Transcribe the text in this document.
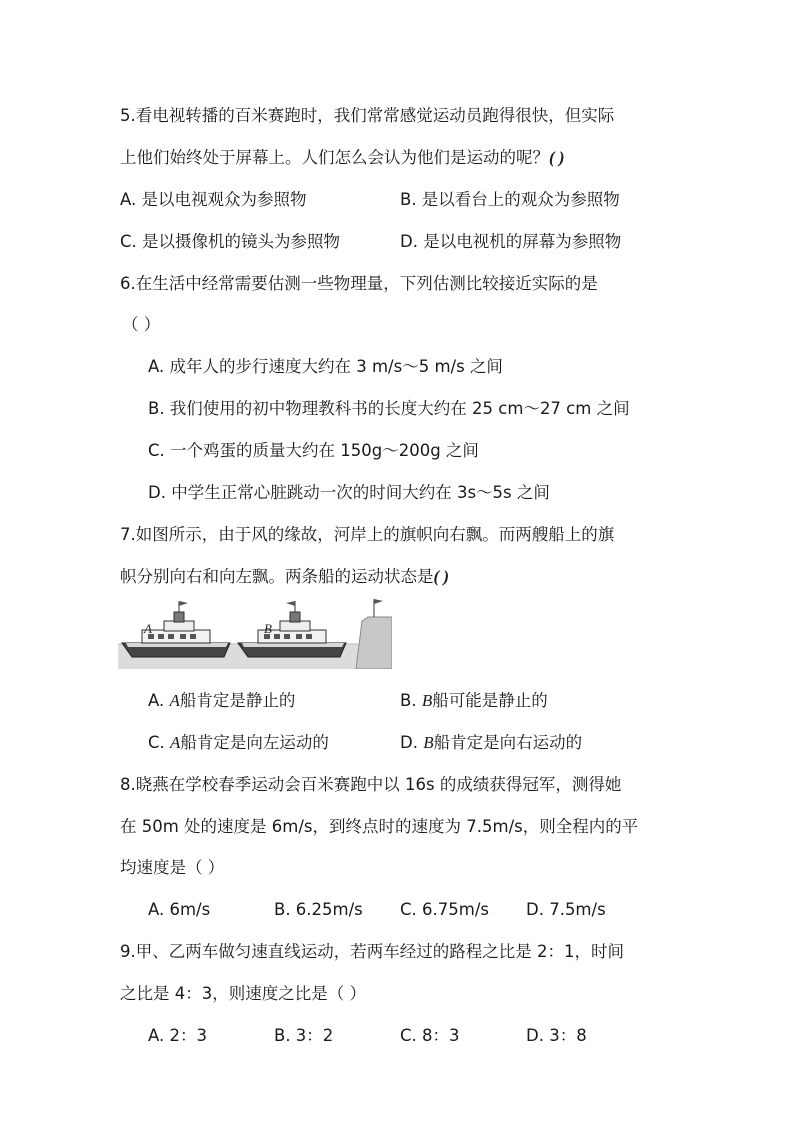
5.看电视转播的百米赛跑时，我们常常感觉运动员跑得很快，但实际
上他们始终处于屏幕上。人们怎么会认为他们是运动的呢？( )
A. 是以电视观众为参照物	B. 是以看台上的观众为参照物
C. 是以摄像机的镜头为参照物	D. 是以电视机的屏幕为参照物
6.在生活中经常需要估测一些物理量，下列估测比较接近实际的是
（ ）
A. 成年人的步行速度大约在 3 m/s～5 m/s 之间
B. 我们使用的初中物理教科书的长度大约在 25 cm～27 cm 之间
C. 一个鸡蛋的质量大约在 150g～200g 之间
D. 中学生正常心脏跳动一次的时间大约在 3s～5s 之间
7.如图所示，由于风的缘故，河岸上的旗帜向右飘。而两艘船上的旗
帜分别向右和向左飘。两条船的运动状态是( )
A	B
A. A船肯定是静止的	B. B船可能是静止的
C. A船肯定是向左运动的	D. B船肯定是向右运动的
8.晓燕在学校春季运动会百米赛跑中以 16s 的成绩获得冠军，测得她
在 50m 处的速度是 6m/s，到终点时的速度为 7.5m/s，则全程内的平
均速度是（ ）
A. 6m/s	B. 6.25m/s C. 6.75m/s D. 7.5m/s
9.甲、乙两车做匀速直线运动，若两车经过的路程之比是 2：1，时间
之比是 4：3，则速度之比是（ ）
A. 2：3	B. 3：2	C. 8：3	D. 3：8
